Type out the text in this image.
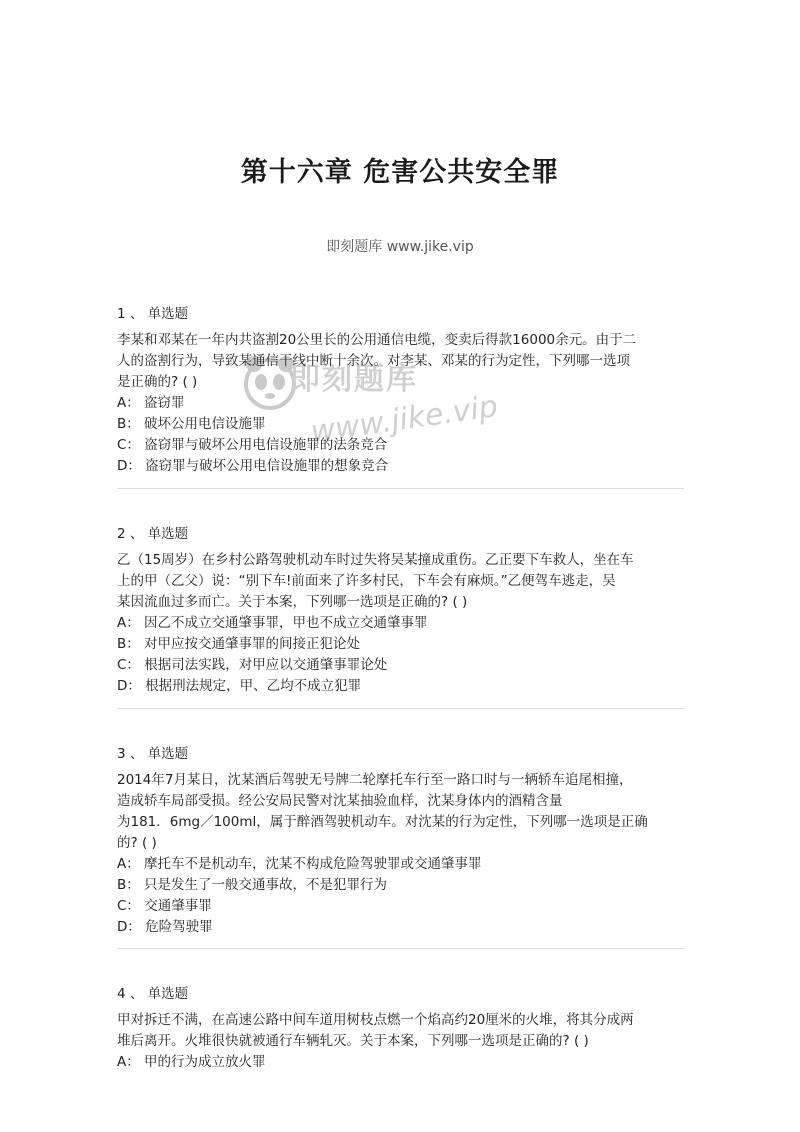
第十六章 危害公共安全罪
即刻题库 www.jike.vip
1 、 单选题

李某和邓某在一年内共盗割20公里长的公用通信电缆，变卖后得款16000余元。由于二

人的盗割行为，导致某通信干线中断十余次。对李某、邓某的行为定性，下列哪一选项

是正确的? ( )

A： 盗窃罪

B： 破坏公用电信设施罪

C： 盗窃罪与破坏公用电信设施罪的法条竞合

D： 盗窃罪与破坏公用电信设施罪的想象竞合

2 、 单选题

乙（15周岁）在乡村公路驾驶机动车时过失将吴某撞成重伤。乙正要下车救人，坐在车

上的甲（乙父）说：“别下车!前面来了许多村民，下车会有麻烦。”乙便驾车逃走，吴

某因流血过多而亡。关于本案，下列哪一选项是正确的? ( )

A： 因乙不成立交通肇事罪，甲也不成立交通肇事罪

B： 对甲应按交通肇事罪的间接正犯论处

C： 根据司法实践，对甲应以交通肇事罪论处

D： 根据刑法规定，甲、乙均不成立犯罪

3 、 单选题

2014年7月某日，沈某酒后驾驶无号牌二轮摩托车行至一路口时与一辆轿车追尾相撞，

造成轿车局部受损。经公安局民警对沈某抽验血样，沈某身体内的酒精含量

为181．6mg／100ml，属于醉酒驾驶机动车。对沈某的行为定性，下列哪一选项是正确

的? ( )

A： 摩托车不是机动车，沈某不构成危险驾驶罪或交通肇事罪

B： 只是发生了一般交通事故，不是犯罪行为

C： 交通肇事罪

D： 危险驾驶罪

4 、 单选题

甲对拆迁不满，在高速公路中间车道用树枝点燃一个焰高约20厘米的火堆，将其分成两

堆后离开。火堆很快就被通行车辆轧灭。关于本案，下列哪一选项是正确的? ( )

A： 甲的行为成立放火罪

即刻题库
www.jike.vip
